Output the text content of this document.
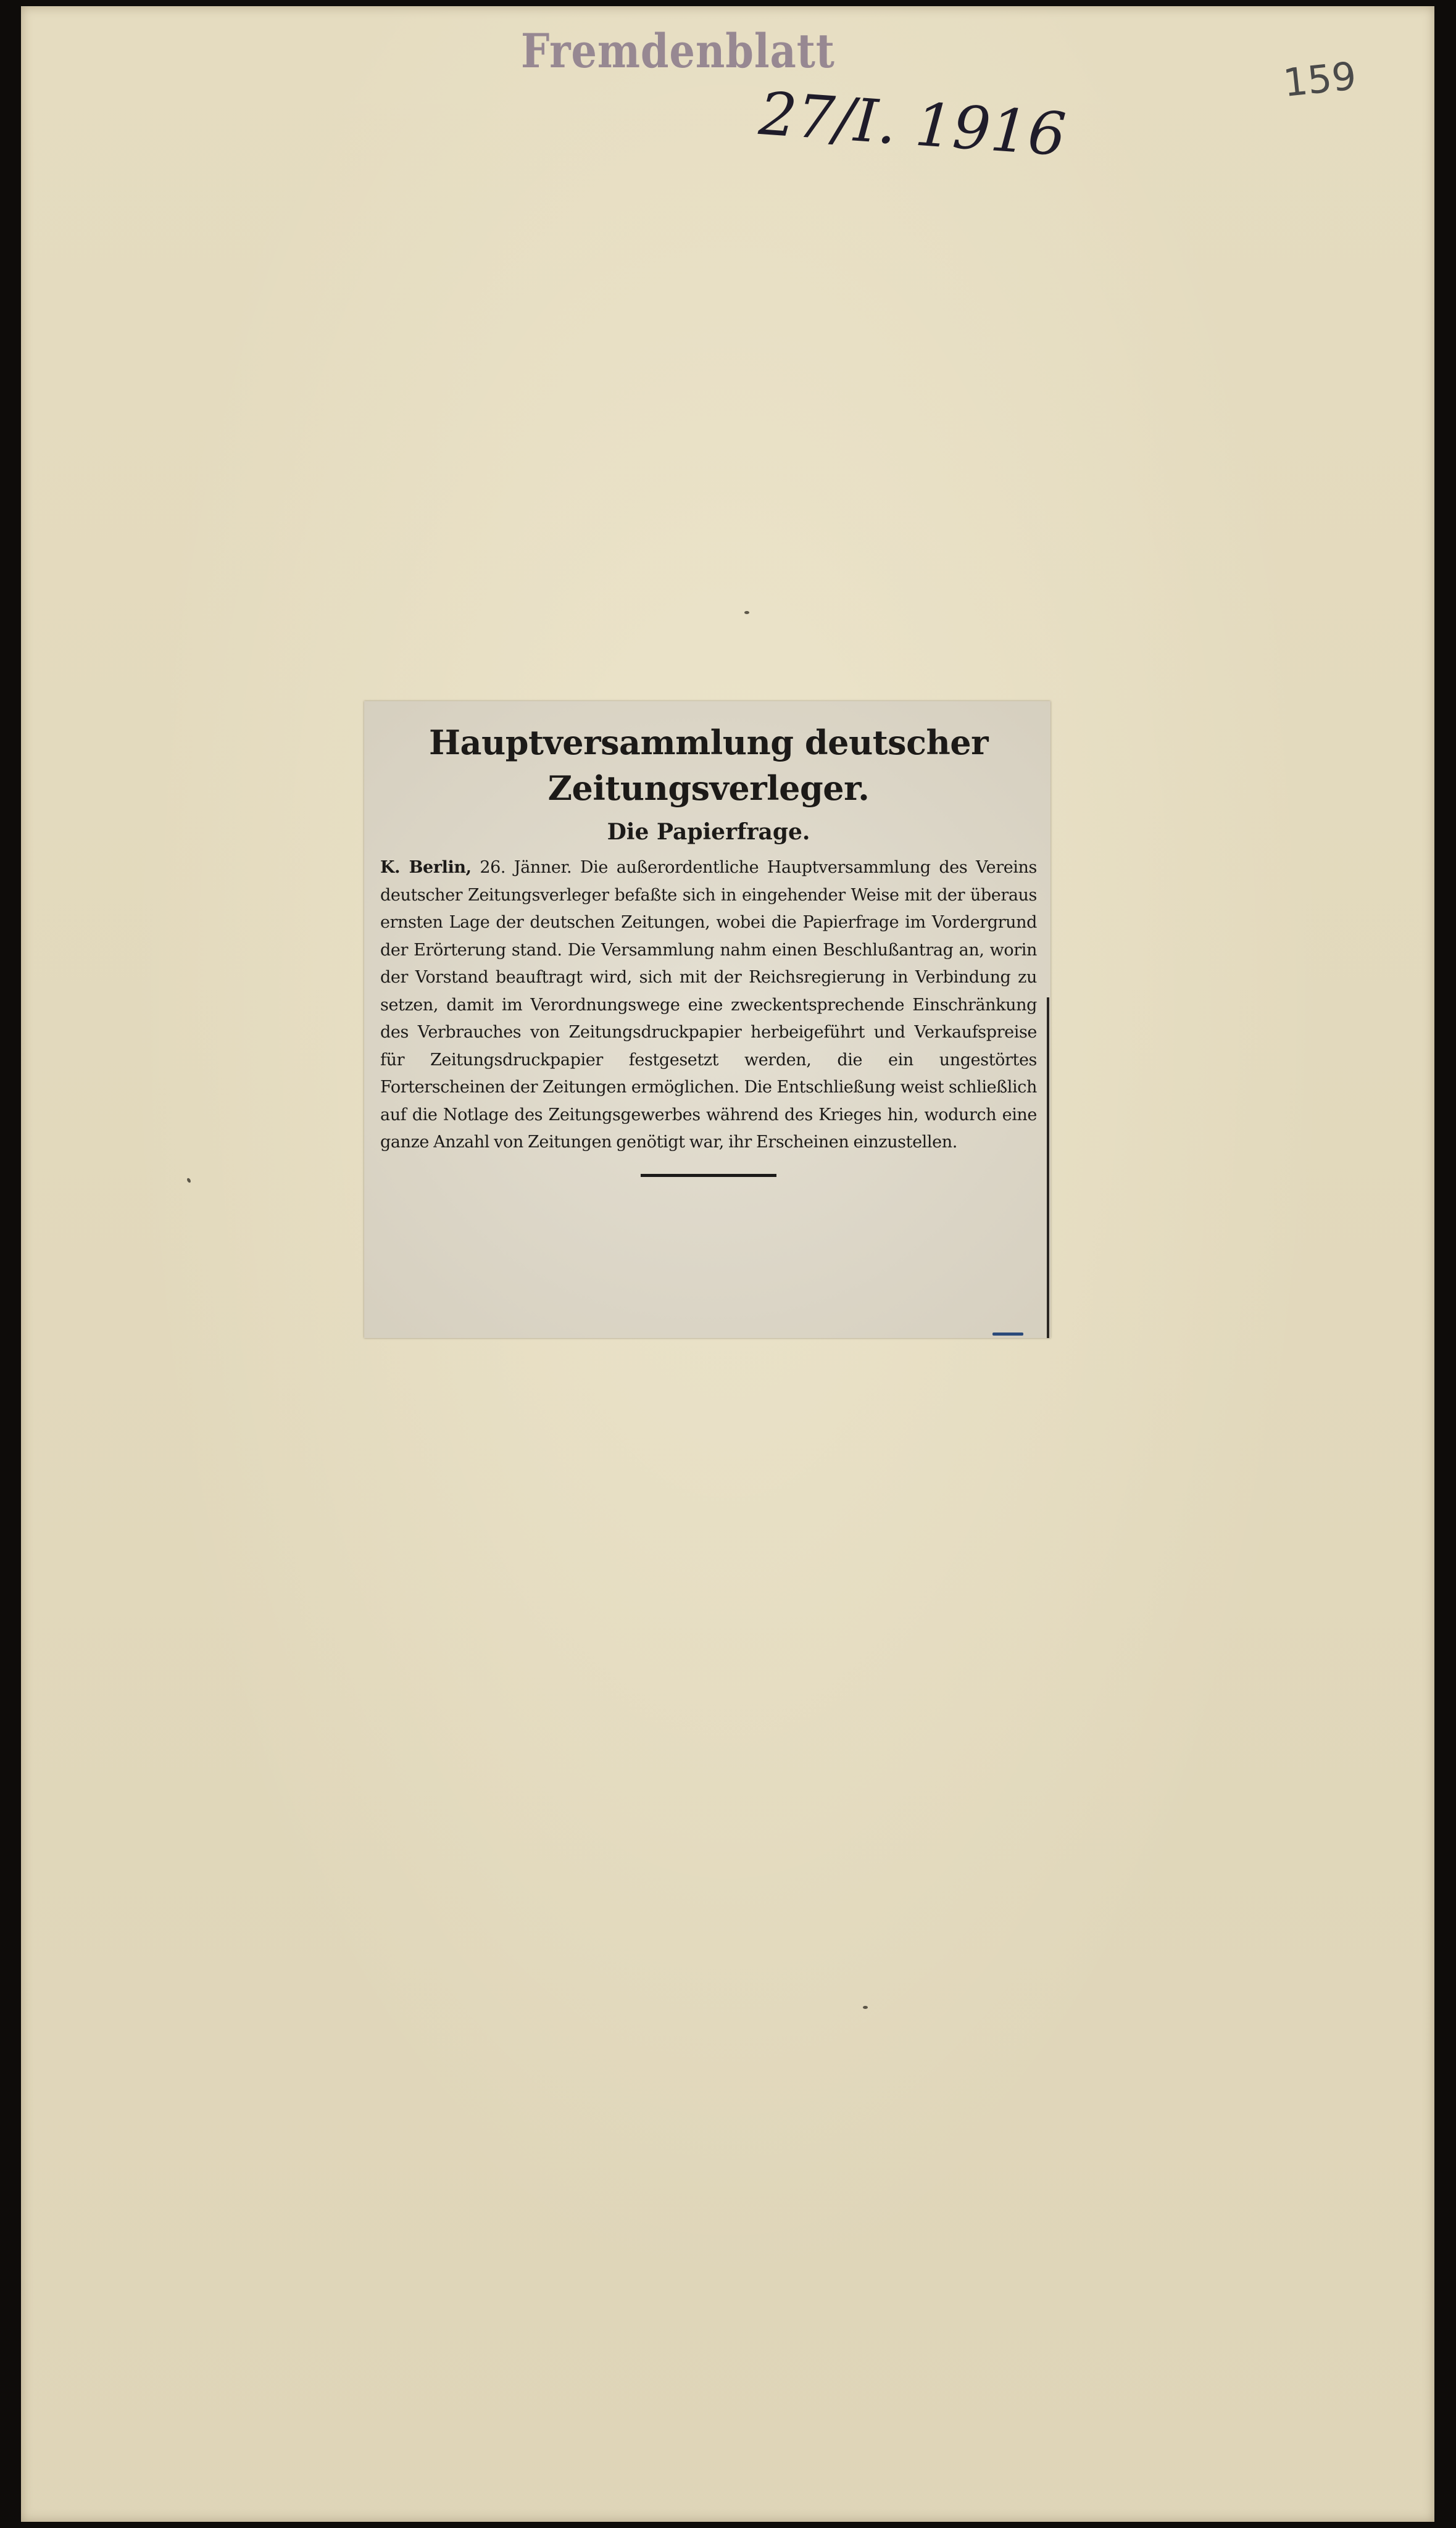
Fremdenblatt
27/I. 1916	159
Hauptversammlung deutscher Zeitungsverleger.
Die Papierfrage.

K. Berlin, 26. Jänner. Die außerordentliche Hauptversammlung des Vereins deutscher Zeitungsverleger befaßte sich in eingehender Weise mit der überaus ernsten Lage der deutschen Zeitungen, wobei die Papierfrage im Vordergrund der Erörterung stand. Die Versammlung nahm einen Beschlußantrag an, worin der Vorstand beauftragt wird, sich mit der Reichsregierung in Verbindung zu setzen, damit im Verordnungswege eine zweckentsprechende Einschränkung des Verbrauches von Zeitungsdruckpapier herbeigeführt und Verkaufspreise für Zeitungsdruckpapier festgesetzt werden, die ein ungestörtes Forterscheinen der Zeitungen ermöglichen. Die Entschließung weist schließlich auf die Notlage des Zeitungsgewerbes während des Krieges hin, wodurch eine ganze Anzahl von Zeitungen genötigt war, ihr Erscheinen einzustellen.
